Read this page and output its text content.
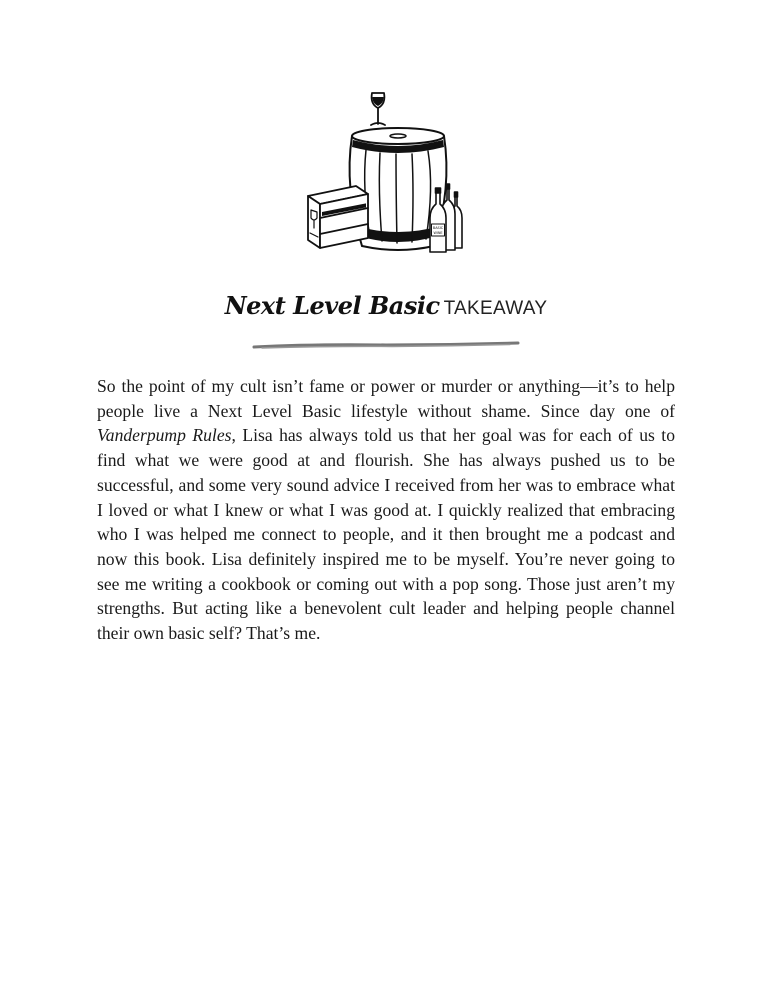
BASIC
WINE
Next Level Basic TAKEAWAY

So the point of my cult isn’t fame or power or murder or anything—it’s to help people live a Next Level Basic lifestyle without shame. Since day one of Vanderpump Rules, Lisa has always told us that her goal was for each of us to find what we were good at and flourish. She has always pushed us to be successful, and some very sound advice I received from her was to embrace what I loved or what I knew or what I was good at. I quickly realized that embracing who I was helped me connect to people, and it then brought me a podcast and now this book. Lisa definitely inspired me to be myself. You’re never going to see me writing a cookbook or coming out with a pop song. Those just aren’t my strengths. But acting like a benevolent cult leader and helping people channel their own basic self? That’s me.
